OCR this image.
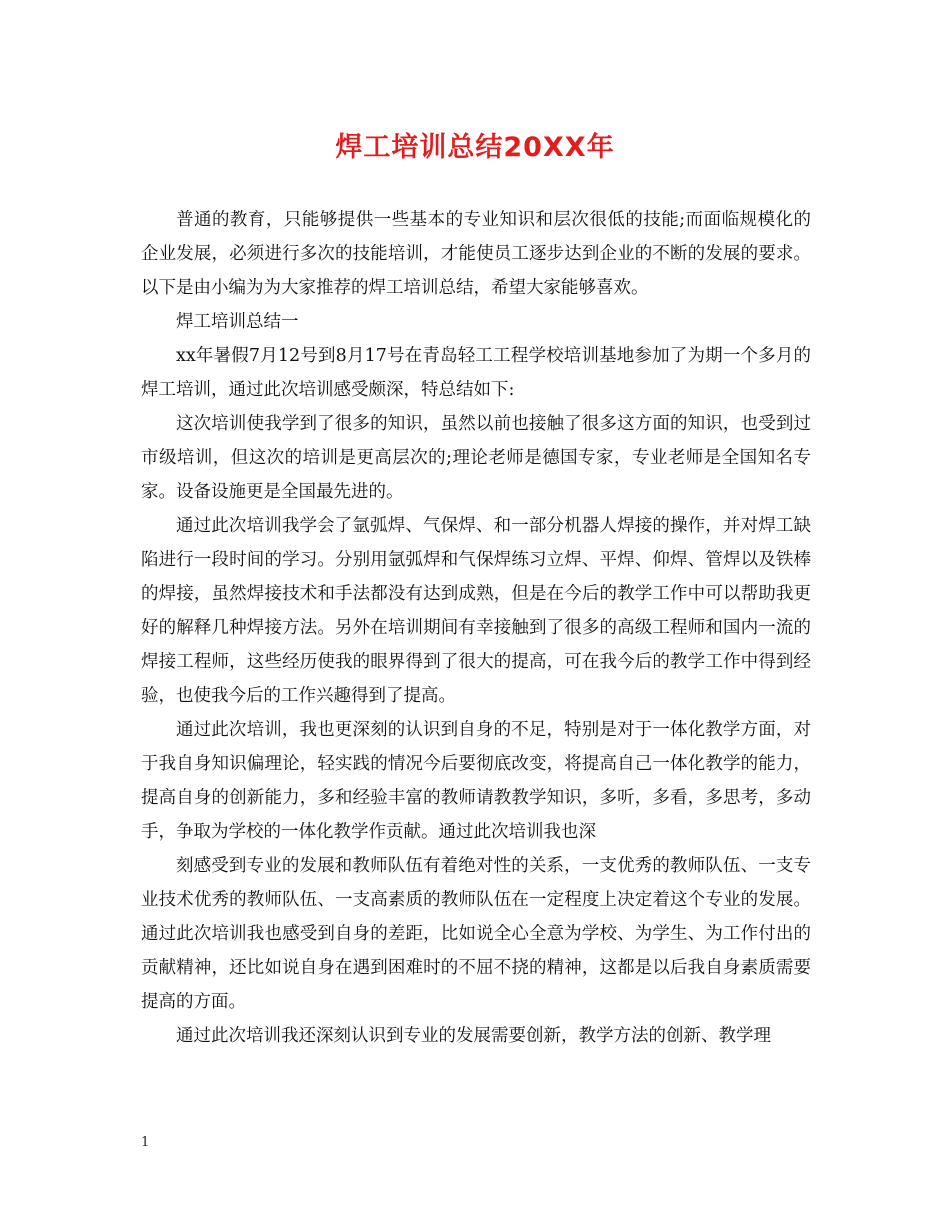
焊工培训总结20XX年

普通的教育，只能够提供一些基本的专业知识和层次很低的技能;而面临规模化的企业发展，必须进行多次的技能培训，才能使员工逐步达到企业的不断的发展的要求。以下是由小编为为大家推荐的焊工培训总结，希望大家能够喜欢。

焊工培训总结一

xx年暑假7月12号到8月17号在青岛轻工工程学校培训基地参加了为期一个多月的焊工培训，通过此次培训感受颇深，特总结如下:

这次培训使我学到了很多的知识，虽然以前也接触了很多这方面的知识，也受到过市级培训，但这次的培训是更高层次的;理论老师是德国专家，专业老师是全国知名专家。设备设施更是全国最先进的。

通过此次培训我学会了氩弧焊、气保焊、和一部分机器人焊接的操作，并对焊工缺陷进行一段时间的学习。分别用氩弧焊和气保焊练习立焊、平焊、仰焊、管焊以及铁棒的焊接，虽然焊接技术和手法都没有达到成熟，但是在今后的教学工作中可以帮助我更好的解释几种焊接方法。另外在培训期间有幸接触到了很多的高级工程师和国内一流的焊接工程师，这些经历使我的眼界得到了很大的提高，可在我今后的教学工作中得到经验，也使我今后的工作兴趣得到了提高。

通过此次培训，我也更深刻的认识到自身的不足，特别是对于一体化教学方面，对于我自身知识偏理论，轻实践的情况今后要彻底改变，将提高自己一体化教学的能力，提高自身的创新能力，多和经验丰富的教师请教教学知识，多听，多看，多思考，多动手，争取为学校的一体化教学作贡献。通过此次培训我也深

刻感受到专业的发展和教师队伍有着绝对性的关系，一支优秀的教师队伍、一支专业技术优秀的教师队伍、一支高素质的教师队伍在一定程度上决定着这个专业的发展。通过此次培训我也感受到自身的差距，比如说全心全意为学校、为学生、为工作付出的贡献精神，还比如说自身在遇到困难时的不屈不挠的精神，这都是以后我自身素质需要提高的方面。

通过此次培训我还深刻认识到专业的发展需要创新，教学方法的创新、教学理

1
